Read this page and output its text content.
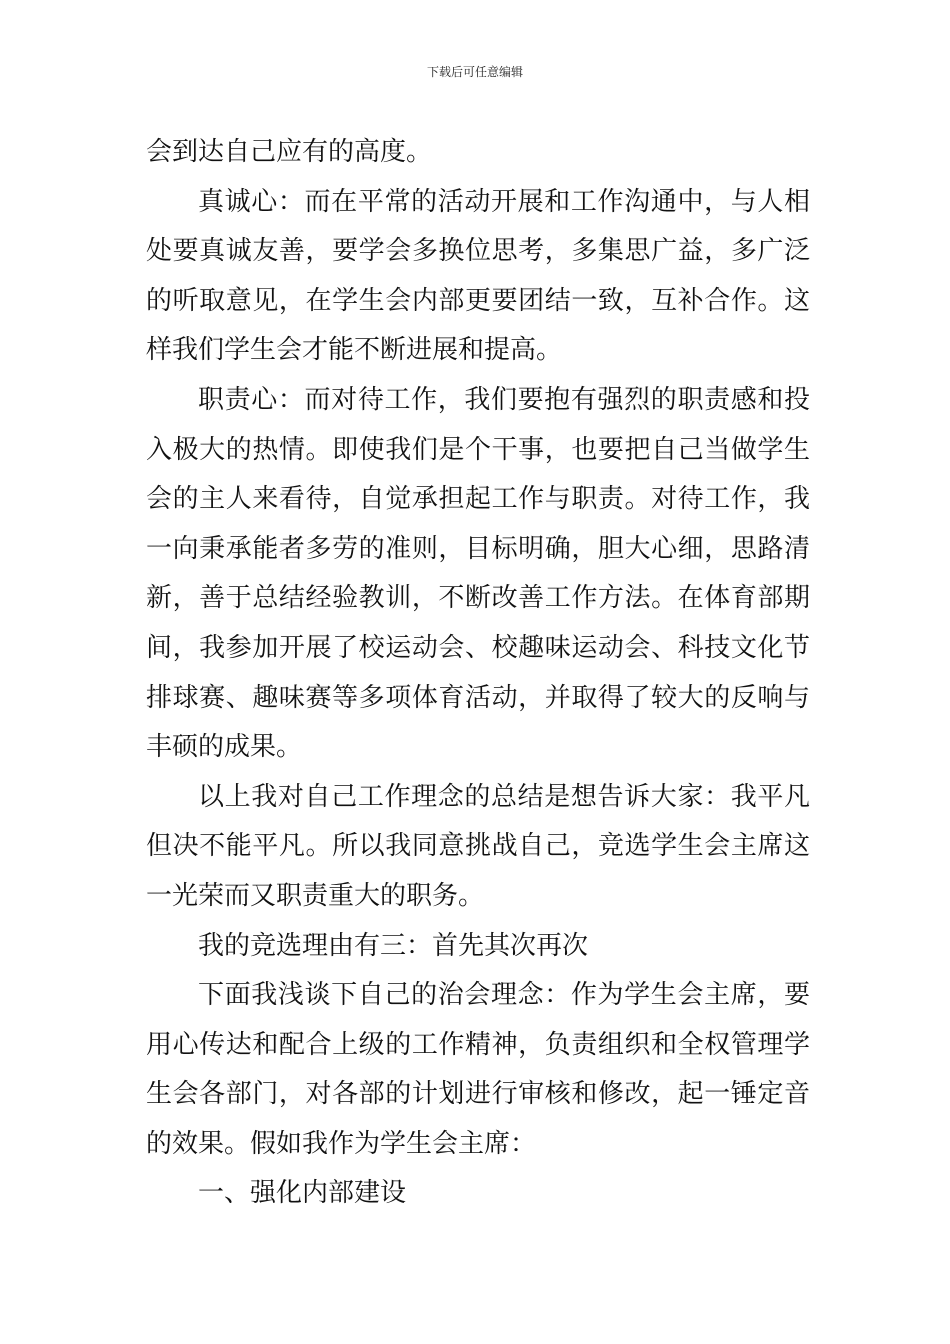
下载后可任意编辑
会到达自己应有的高度。
真诚心：而在平常的活动开展和工作沟通中，与人相
处要真诚友善，要学会多换位思考，多集思广益，多广泛
的听取意见，在学生会内部更要团结一致，互补合作。这
样我们学生会才能不断进展和提高。
职责心：而对待工作，我们要抱有强烈的职责感和投
入极大的热情。即使我们是个干事，也要把自己当做学生
会的主人来看待，自觉承担起工作与职责。对待工作，我
一向秉承能者多劳的准则，目标明确，胆大心细，思路清
新，善于总结经验教训，不断改善工作方法。在体育部期
间，我参加开展了校运动会、校趣味运动会、科技文化节
排球赛、趣味赛等多项体育活动，并取得了较大的反响与
丰硕的成果。
以上我对自己工作理念的总结是想告诉大家：我平凡
但决不能平凡。所以我同意挑战自己，竞选学生会主席这
一光荣而又职责重大的职务。
我的竞选理由有三：首先其次再次
下面我浅谈下自己的治会理念：作为学生会主席，要
用心传达和配合上级的工作精神，负责组织和全权管理学
生会各部门，对各部的计划进行审核和修改，起一锤定音
的效果。假如我作为学生会主席：
一、强化内部建设
